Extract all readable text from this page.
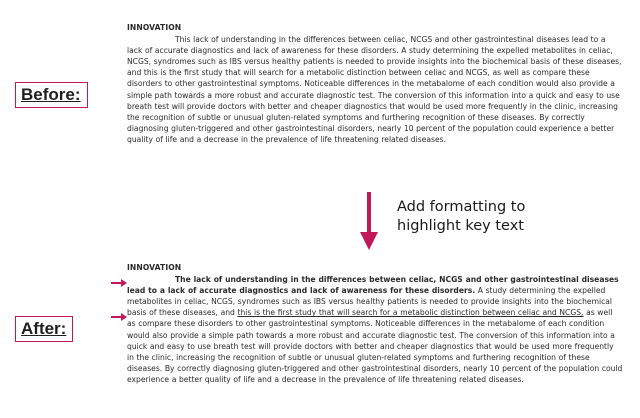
Before:
INNOVATION
This lack of understanding in the differences between celiac, NCGS and other gastrointestinal diseases lead to a lack of accurate diagnostics and lack of awareness for these disorders. A study determining the expelled metabolites in celiac, NCGS, syndromes such as IBS versus healthy patients is needed to provide insights into the biochemical basis of these diseases, and this is the first study that will search for a metabolic distinction between celiac and NCGS, as well as compare these disorders to other gastrointestinal symptoms. Noticeable differences in the metabalome of each condition would also provide a simple path towards a more robust and accurate diagnostic test. The conversion of this information into a quick and easy to use breath test will provide doctors with better and cheaper diagnostics that would be used more frequently in the clinic, increasing the recognition of subtle or unusual gluten-related symptoms and furthering recognition of these diseases. By correctly diagnosing gluten-triggered and other gastrointestinal disorders, nearly 10 percent of the population could experience a better quality of life and a decrease in the prevalence of life threatening related diseases.
Add formatting to
highlight key text
After:
INNOVATION
The lack of understanding in the differences between celiac, NCGS and other gastrointestinal diseases lead to a lack of accurate diagnostics and lack of awareness for these disorders. A study determining the expelled metabolites in celiac, NCGS, syndromes such as IBS versus healthy patients is needed to provide insights into the biochemical basis of these diseases, and this is the first study that will search for a metabolic distinction between celiac and NCGS, as well as compare these disorders to other gastrointestinal symptoms. Noticeable differences in the metabalome of each condition would also provide a simple path towards a more robust and accurate diagnostic test. The conversion of this information into a quick and easy to use breath test will provide doctors with better and cheaper diagnostics that would be used more frequently in the clinic, increasing the recognition of subtle or unusual gluten-related symptoms and furthering recognition of these diseases. By correctly diagnosing gluten-triggered and other gastrointestinal disorders, nearly 10 percent of the population could experience a better quality of life and a decrease in the prevalence of life threatening related diseases.
